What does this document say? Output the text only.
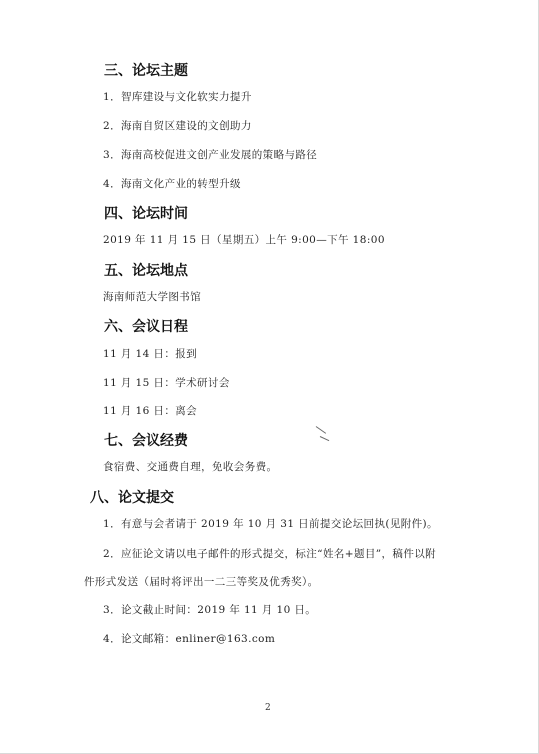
三、论坛主题
1．智库建设与文化软实力提升
2．海南自贸区建设的文创助力
3．海南高校促进文创产业发展的策略与路径
4．海南文化产业的转型升级
四、论坛时间
2019 年 11 月 15 日（星期五）上午 9:00—下午 18:00
五、论坛地点
海南师范大学图书馆
六、会议日程
11 月 14 日：报到
11 月 15 日：学术研讨会
11 月 16 日：离会
七、会议经费
食宿费、交通费自理，免收会务费。
八、论文提交
1．有意与会者请于 2019 年 10 月 31 日前提交论坛回执(见附件)。
2．应征论文请以电子邮件的形式提交，标注“姓名+题目”，稿件以附
件形式发送（届时将评出一二三等奖及优秀奖）。
3．论文截止时间：2019 年 11 月 10 日。
4．论文邮箱：enliner@163.com
2
